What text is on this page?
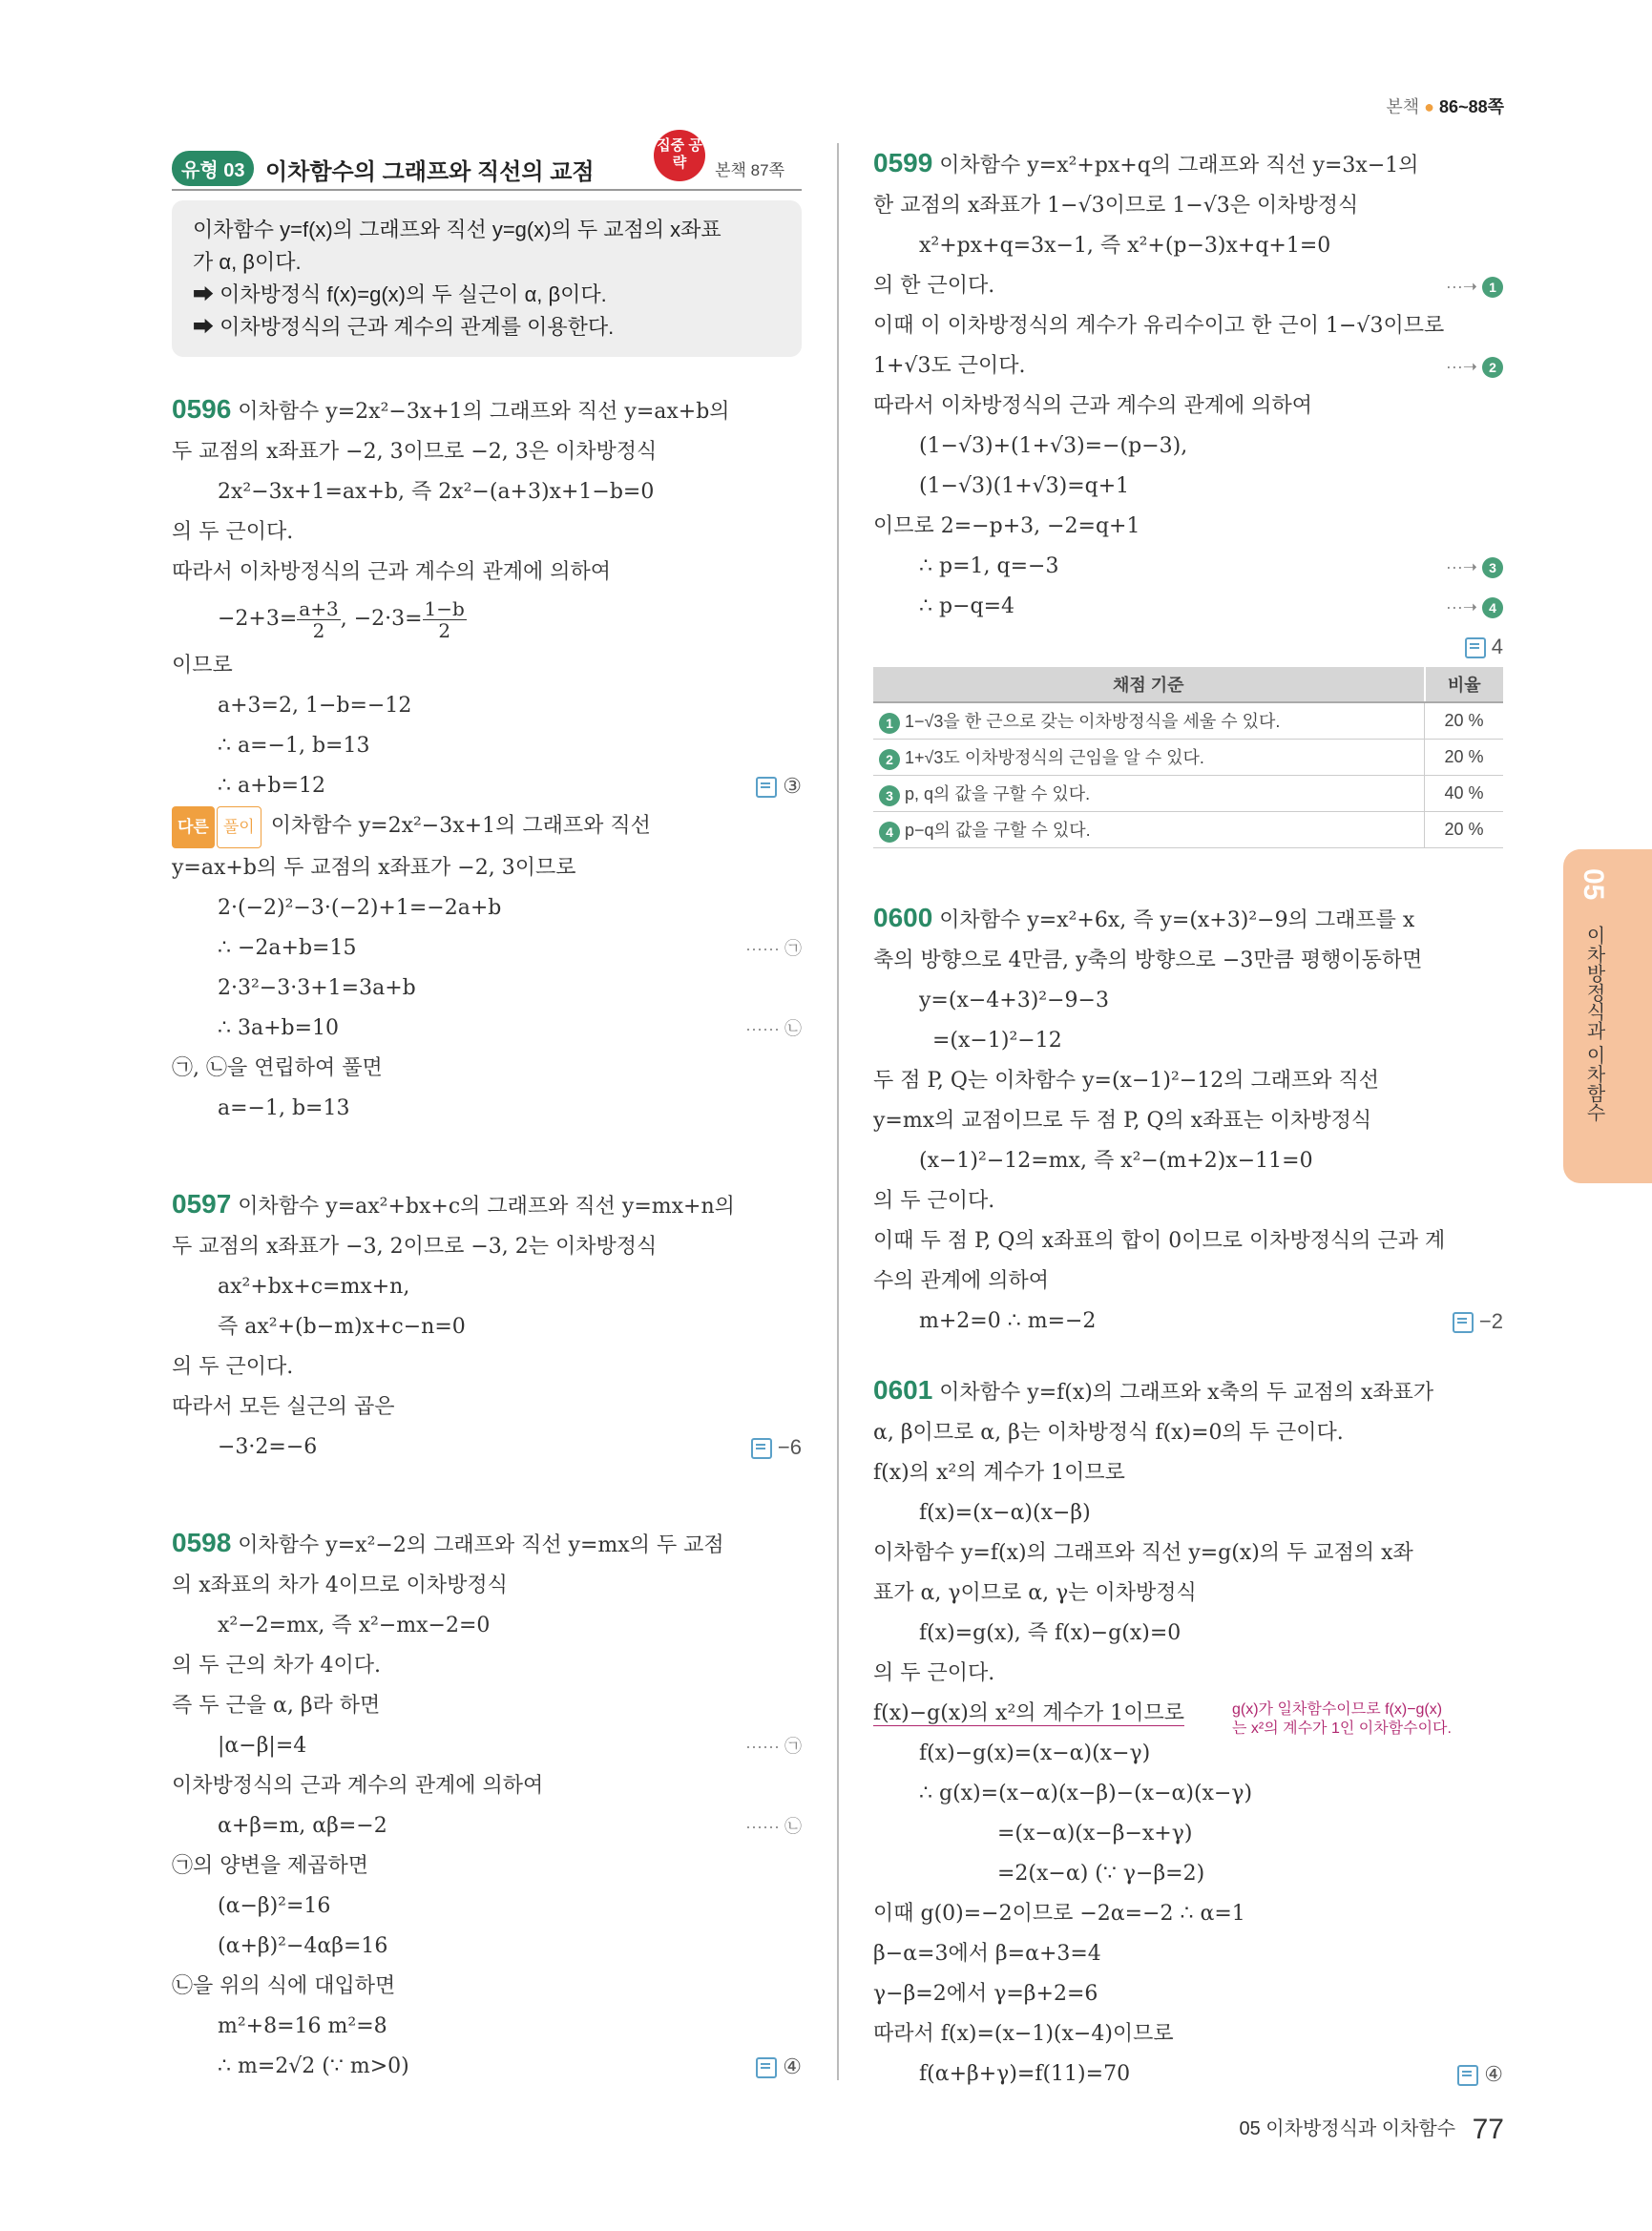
본책 ● 86~88쪽
유형 03 이차함수의 그래프와 직선의 교점
집중 공략	본책 87쪽
이차함수 y=f(x)의 그래프와 직선 y=g(x)의 두 교점의 x좌표
가 α, β이다.
➡ 이차방정식 f(x)=g(x)의 두 실근이 α, β이다.
➡ 이차방정식의 근과 계수의 관계를 이용한다.
0596 이차함수 y=2x²−3x+1의 그래프와 직선 y=ax+b의
두 교점의 x좌표가 −2, 3이므로 −2, 3은 이차방정식
2x²−3x+1=ax+b, 즉 2x²−(a+3)x+1−b=0
의 두 근이다.
따라서 이차방정식의 근과 계수의 관계에 의하여
$-2+3= \frac{a+3}{2}$ , $-2\cdot 3= \frac{1-b}{2}$
이므로
a+3=2, 1−b=−12
∴ a=−1, b=13
∴ a+b=12	③
다른 풀이 이차함수 y=2x²−3x+1의 그래프와 직선
y=ax+b의 두 교점의 x좌표가 −2, 3이므로
2·(−2)²−3·(−2)+1=−2a+b
∴ −2a+b=15	······ ㉠
2·3²−3·3+1=3a+b
∴ 3a+b=10	······ ㉡
㉠, ㉡을 연립하여 풀면
a=−1, b=13
0597 이차함수 y=ax²+bx+c의 그래프와 직선 y=mx+n의
두 교점의 x좌표가 −3, 2이므로 −3, 2는 이차방정식
ax²+bx+c=mx+n,
즉 ax²+(b−m)x+c−n=0
의 두 근이다.
따라서 모든 실근의 곱은
−3·2=−6	−6
0598 이차함수 y=x²−2의 그래프와 직선 y=mx의 두 교점
의 x좌표의 차가 4이므로 이차방정식
x²−2=mx, 즉 x²−mx−2=0
의 두 근의 차가 4이다.
즉 두 근을 α, β라 하면
|α−β|=4	······ ㉠
이차방정식의 근과 계수의 관계에 의하여
α+β=m, αβ=−2	······ ㉡
㉠의 양변을 제곱하면
(α−β)²=16
(α+β)²−4αβ=16
㉡을 위의 식에 대입하면
m²+8=16 m²=8
∴ m=2√2 (∵ m>0)	④
0599 이차함수 y=x²+px+q의 그래프와 직선 y=3x−1의
한 교점의 x좌표가 1−√3이므로 1−√3은 이차방정식
x²+px+q=3x−1, 즉 x²+(p−3)x+q+1=0
의 한 근이다.	···➝ 1
이때 이 이차방정식의 계수가 유리수이고 한 근이 1−√3이므로
1+√3도 근이다.	···➝ 2
따라서 이차방정식의 근과 계수의 관계에 의하여
(1−√3)+(1+√3)=−(p−3),
(1−√3)(1+√3)=q+1
이므로 2=−p+3, −2=q+1
∴ p=1, q=−3	···➝ 3
∴ p−q=4	···➝ 4
4
채점 기준	비율
1 1−√3을 한 근으로 갖는 이차방정식을 세울 수 있다.	20 %
2 1+√3도 이차방정식의 근임을 알 수 있다.	20 %
3 p, q의 값을 구할 수 있다.	40 %
4 p−q의 값을 구할 수 있다.	20 %
0600 이차함수 y=x²+6x, 즉 y=(x+3)²−9의 그래프를 x
축의 방향으로 4만큼, y축의 방향으로 −3만큼 평행이동하면
y=(x−4+3)²−9−3
=(x−1)²−12
두 점 P, Q는 이차함수 y=(x−1)²−12의 그래프와 직선
y=mx의 교점이므로 두 점 P, Q의 x좌표는 이차방정식
(x−1)²−12=mx, 즉 x²−(m+2)x−11=0
의 두 근이다.
이때 두 점 P, Q의 x좌표의 합이 0이므로 이차방정식의 근과 계
수의 관계에 의하여
m+2=0 ∴ m=−2	−2
0601 이차함수 y=f(x)의 그래프와 x축의 두 교점의 x좌표가
α, β이므로 α, β는 이차방정식 f(x)=0의 두 근이다.
f(x)의 x²의 계수가 1이므로
f(x)=(x−α)(x−β)
이차함수 y=f(x)의 그래프와 직선 y=g(x)의 두 교점의 x좌
표가 α, γ이므로 α, γ는 이차방정식
f(x)=g(x), 즉 f(x)−g(x)=0
의 두 근이다.
f(x)−g(x)의 x²의 계수가 1이므로
f(x)−g(x)=(x−α)(x−γ)
g(x)가 일차함수이므로 f(x)−g(x)
는 x²의 계수가 1인 이차함수이다.
∴ g(x)=(x−α)(x−β)−(x−α)(x−γ)
=(x−α)(x−β−x+γ)
=2(x−α) (∵ γ−β=2)
이때 g(0)=−2이므로 −2α=−2 ∴ α=1
β−α=3에서 β=α+3=4
γ−β=2에서 γ=β+2=6
따라서 f(x)=(x−1)(x−4)이므로
f(α+β+γ)=f(11)=70	④
05
이차방정식과 이차함수
05 이차방정식과 이차함수 77
